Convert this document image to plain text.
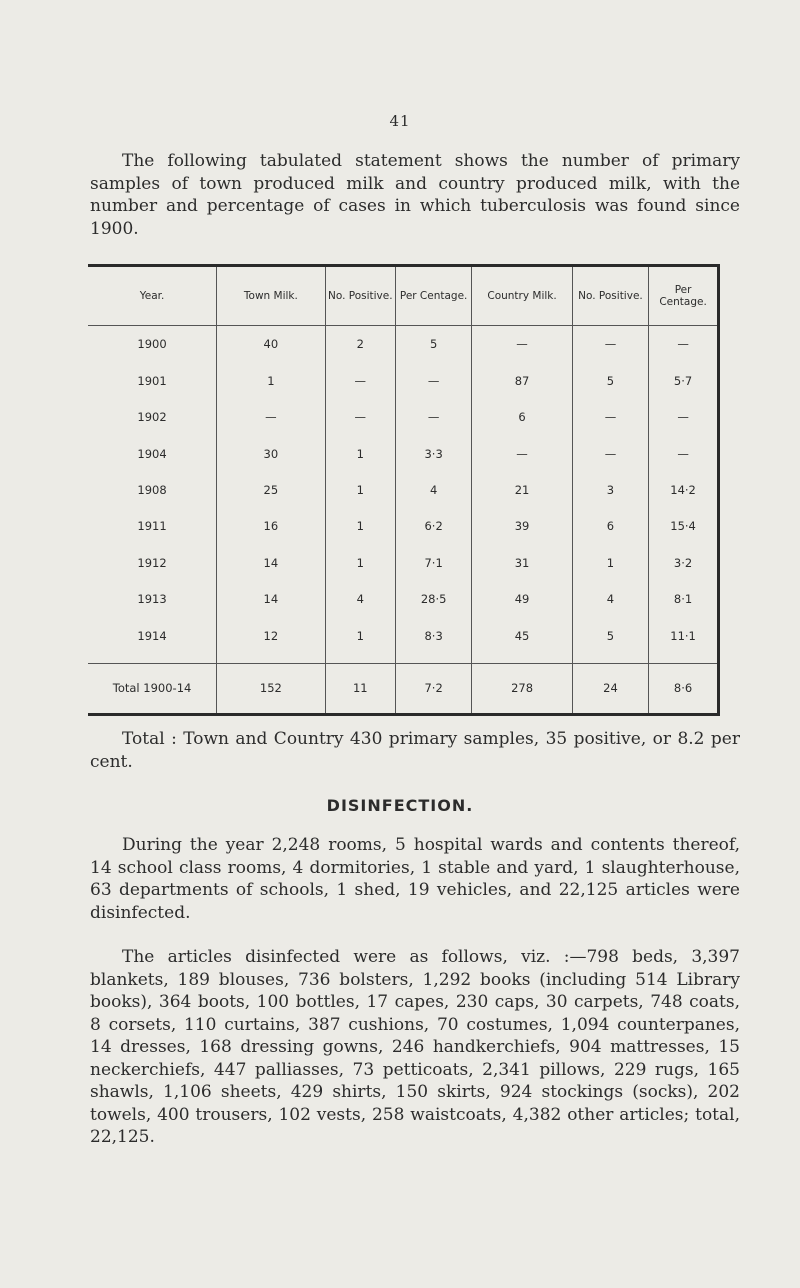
41

The following tabulated statement shows the number of primary samples of town produced milk and country produced milk, with the number and percentage of cases in which tuberculosis was found since 1900.

Year.	Town Milk.	No. Positive.	Per Centage.	Country Milk.	No. Positive.	Per Centage.
1900	40	2	5	—	—	—
1901	1	—	—	87	5	5·7
1902	—	—	—	6	—	—
1904	30	1	3·3	—	—	—
1908	25	1	4	21	3	14·2
1911	16	1	6·2	39	6	15·4
1912	14	1	7·1	31	1	3·2
1913	14	4	28·5	49	4	8·1
1914	12	1	8·3	45	5	11·1

Total 1900-14	152	11	7·2	278	24	8·6

Total : Town and Country 430 primary samples, 35 positive, or 8.2 per cent.

DISINFECTION.

During the year 2,248 rooms, 5 hospital wards and contents thereof, 14 school class rooms, 4 dormitories, 1 stable and yard, 1 slaughterhouse, 63 departments of schools, 1 shed, 19 vehicles, and 22,125 articles were disinfected.

The articles disinfected were as follows, viz. :—798 beds, 3,397 blankets, 189 blouses, 736 bolsters, 1,292 books (including 514 Library books), 364 boots, 100 bottles, 17 capes, 230 caps, 30 carpets, 748 coats, 8 corsets, 110 curtains, 387 cushions, 70 costumes, 1,094 counterpanes, 14 dresses, 168 dressing gowns, 246 handkerchiefs, 904 mattresses, 15 neckerchiefs, 447 palliasses, 73 petticoats, 2,341 pillows, 229 rugs, 165 shawls, 1,106 sheets, 429 shirts, 150 skirts, 924 stockings (socks), 202 towels, 400 trousers, 102 vests, 258 waistcoats, 4,382 other articles; total, 22,125.
